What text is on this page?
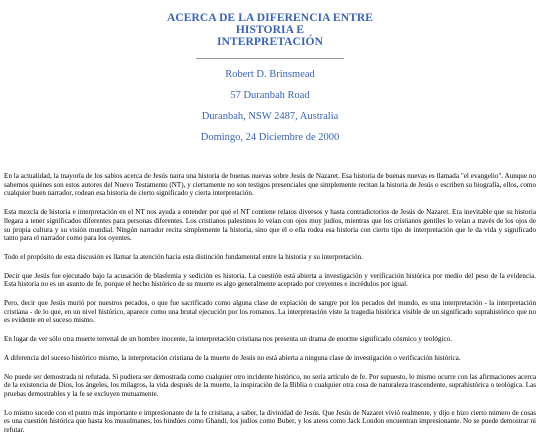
ACERCA DE LA DIFERENCIA ENTRE
HISTORIA E
INTERPRETACIÓN
Robert D. Brinsmead
57 Duranbah Road
Duranbah, NSW 2487, Australia
Domingo, 24 Diciembre de 2000

En la actualidad, la mayoría de los sabios acerca de Jesús narra una historia de buenas nuevas sobre Jesús de Nazaret. Esa historia de buenas nuevas es llamada "el evangelio". Aunque no sabemos quiénes son estos autores del Nuevo Testamento (NT), y ciertamente no son testigos presenciales que simplemente recitan la historia de Jesús o escriben su biografía, ellos, como cualquier buen narrador, rodean esa historia de cierto significado y cierta interpretación.

Esta mezcla de historia e interpretación en el NT nos ayuda a entender por qué el NT contiene relatos diversos y hasta contradictorios de Jesús de Nazaret. Era inevitable que su historia llegara a tener significados diferentes para personas diferentes. Los cristianos palestinos lo veían con ojos muy judíos, mientras que los cristianos gentiles lo veían a través de los ojos de su propia cultura y su visión mundial. Ningún narrador recita simplemente la historia, sino que él o ella rodea esa historia con cierto tipo de interpretación que le da vida y significado tanto para el narrador como para los oyentes.

Todo el propósito de esta discusión es llamar la atención hacia esta distinción fundamental entre la historia y su interpretación.

Decir que Jesús fue ejecutado bajo la acusación de blasfemia y sedición es historia. La cuestión está abierta a investigación y verificación histórica por medio del peso de la evidencia. Esta historia no es un asunto de fe, porque el hecho histórico de su muerte es algo generalmente aceptado por creyentes e incrédulos por igual.

Pero, decir que Jesús murió por nuestros pecados, o que fue sacrificado como alguna clase de expiación de sangre por los pecados del mundo, es una interpretación - la interpretación cristiana - de lo que, en un nivel histórico, aparece como una brutal ejecución por los romanos. La interpretación viste la tragedia histórica visible de un significado suprahistórico que no es evidente en el suceso mismo.

En lugar de ver sólo otra muerte terrenal de un hombre inocente, la interpretación cristiana nos presenta un drama de enorme significado cósmico y teológico.

A diferencia del suceso histórico mismo, la interpretación cristiana de la muerte de Jesús no está abierta a ninguna clase de investigación o verificación histórica.

No puede ser demostrada ni refutada. Si pudiera ser demostrada como cualquier otro incidente histórico, no sería artículo de fe. Por supuesto, lo mismo ocurre con las afirmaciones acerca de la existencia de Dios, los ángeles, los milagros, la vida después de la muerte, la inspiración de la Biblia o cualquier otra cosa de naturaleza trascendente, suprahistórica o teológica. Las pruebas demostrables y la fe se excluyen mutuamente.

Lo mismo sucede con el punto más importante e impresionante de la fe cristiana, a saber, la divinidad de Jesús. Que Jesús de Nazaret vivió realmente, y dijo e hizo cierto número de cosas es una cuestión histórica que hasta los musulmanes, los hindúes como Ghandi, los judíos como Buber, y los ateos como Jack London encuentran impresionante. No se puede demostrar ni refutar.
